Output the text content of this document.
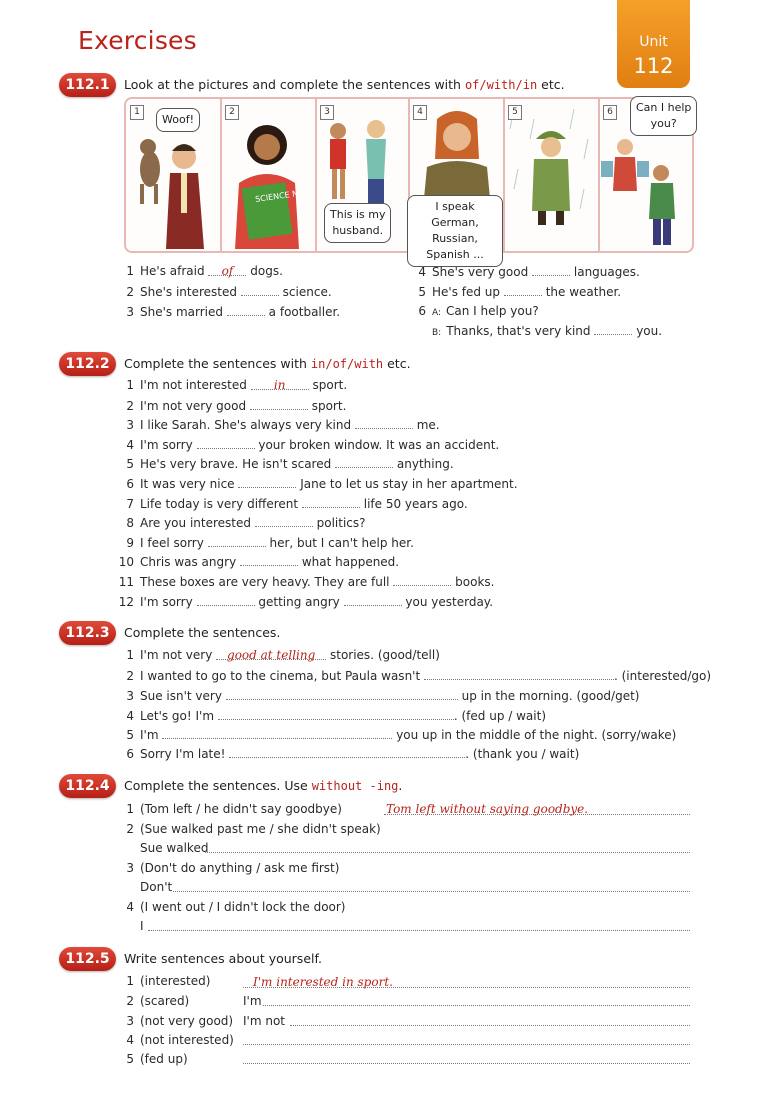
Exercises	Unit
112
112.1	Look at the pictures and complete the sentences with of/with/in etc.
1
Woof!
2
SCIENCE NOW
3
This is my
husband.
4
I speak German,
Russian,
Spanish ...
5	6	Can I help
you?
1 He's afraid of dogs.
2 She's interested	science.
3 She's married	a footballer.
4 She's very good	languages.
5 He's fed up	the weather.
6 A: Can I help you?
B: Thanks, that's very kind	you.
112.2	Complete the sentences with in/of/with etc.
1 I'm not interested in sport.
2 I'm not very good	sport.
3 I like Sarah. She's always very kind	me.
4 I'm sorry	your broken window. It was an accident.
5 He's very brave. He isn't scared	anything.
6 It was very nice	Jane to let us stay in her apartment.
7 Life today is very different	life 50 years ago.
8 Are you interested	politics?
9 I feel sorry	her, but I can't help her.
10 Chris was angry	what happened.
11 These boxes are very heavy. They are full	books.
12 I'm sorry	getting angry	you yesterday.
112.3	Complete the sentences.
1 I'm not very good at telling stories. (good/tell)
2 I wanted to go to the cinema, but Paula wasn't	. (interested/go)
3 Sue isn't very	up in the morning. (good/get)
4 Let's go! I'm	. (fed up / wait)
5 I'm	you up in the middle of the night. (sorry/wake)
6 Sorry I'm late!	. (thank you / wait)
112.4	Complete the sentences. Use without -ing.
1 (Tom left / he didn't say goodbye)	Tom left without saying goodbye.
2 (Sue walked past me / she didn't speak)
Sue walked
3 (Don't do anything / ask me first)
Don't
4 (I went out / I didn't lock the door)
I
112.5	Write sentences about yourself.
1 (interested)	I'm interested in sport.
2 (scared)	I'm
3 (not very good) I'm not
4 (not interested)
5 (fed up)
